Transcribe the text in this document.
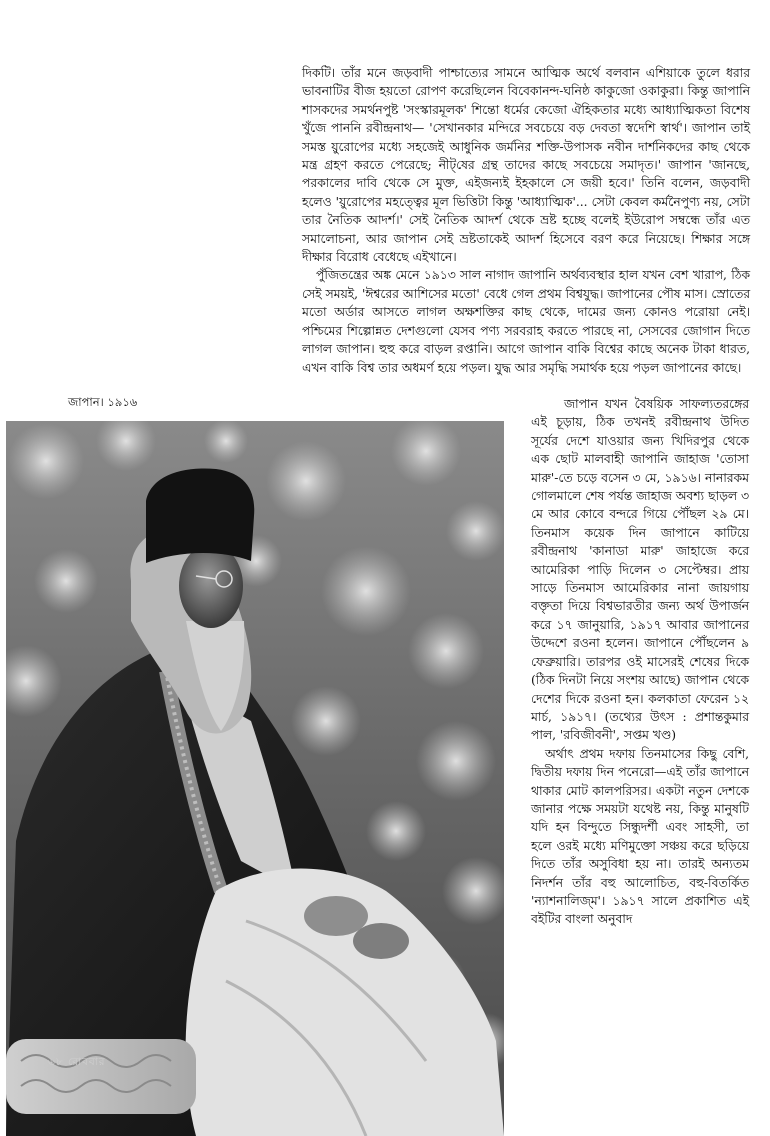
দিকটি। তাঁর মনে জড়বাদী পাশ্চাত্যের সামনে আত্মিক অর্থে বলবান এশিয়াকে তুলে ধরার ভাবনাটির বীজ হয়তো রোপণ করেছিলেন বিবেকানন্দ-ঘনিষ্ঠ কাকুজো ওকাকুরা। কিন্তু জাপানি শাসকদের সমর্থনপুষ্ট 'সংস্কারমূলক' শিন্তো ধর্মের কেজো ঐহিকতার মধ্যে আধ্যাত্মিকতা বিশেষ খুঁজে পাননি রবীন্দ্রনাথ— 'সেখানকার মন্দিরে সবচেয়ে বড় দেবতা স্বদেশি স্বার্থ'। জাপান তাই সমস্ত য়ুরোপের মধ্যে সহজেই আধুনিক জর্মনির শক্তি-উপাসক নবীন দার্শনিকদের কাছ থেকে মন্ত্র গ্রহণ করতে পেরেছে; নীট্‌ষের গ্রন্থ তাদের কাছে সবচেয়ে সমাদৃত।' জাপান 'জানছে, পরকালের দাবি থেকে সে মুক্ত, এইজন্যই ইহকালে সে জয়ী হবে।' তিনি বলেন, জড়বাদী হলেও 'য়ুরোপের মহত্ত্বের মূল ভিত্তিটা কিন্তু 'আধ্যাত্মিক'... সেটা কেবল কর্মনৈপুণ্য নয়, সেটা তার নৈতিক আদর্শ।' সেই নৈতিক আদর্শ থেকে ভ্রষ্ট হচ্ছে বলেই ইউরোপ সম্বন্ধে তাঁর এত সমালোচনা, আর জাপান সেই ভ্রষ্টতাকেই আদর্শ হিসেবে বরণ করে নিয়েছে। শিক্ষার সঙ্গে দীক্ষার বিরোধ বেধেছে এইখানে।

পুঁজিতন্ত্রের অঙ্ক মেনে ১৯১৩ সাল নাগাদ জাপানি অর্থব্যবস্থার হাল যখন বেশ খারাপ, ঠিক সেই সময়ই, 'ঈশ্বরের আশিসের মতো' বেধে গেল প্রথম বিশ্বযুদ্ধ। জাপানের পৌষ মাস। স্রোতের মতো অর্ডার আসতে লাগল অক্ষশক্তির কাছ থেকে, দামের জন্য কোনও পরোয়া নেই। পশ্চিমের শিল্পোন্নত দেশগুলো যেসব পণ্য সরবরাহ করতে পারছে না, সেসবের জোগান দিতে লাগল জাপান। হুহু করে বাড়ল রপ্তানি। আগে জাপান বাকি বিশ্বের কাছে অনেক টাকা ধারত, এখন বাকি বিশ্ব তার অধমর্ণ হয়ে পড়ল। যুদ্ধ আর সমৃদ্ধি সমার্থক হয়ে পড়ল জাপানের কাছে।

জাপান। ১৯১৬	জাপান যখন বৈষয়িক সাফল্যতরঙ্গের এই চূড়ায়, ঠিক তখনই রবীন্দ্রনাথ উদিত সূর্যের দেশে যাওয়ার জন্য খিদিরপুর থেকে এক ছোট মালবাহী জাপানি জাহাজ 'তোসা মারু'-তে চড়ে বসেন ৩ মে, ১৯১৬। নানারকম গোলমালে শেষ পর্যন্ত জাহাজ অবশ্য ছাড়ল ৩ মে আর কোবে বন্দরে গিয়ে পৌঁছল ২৯ মে। তিনমাস কয়েক দিন জাপানে কাটিয়ে রবীন্দ্রনাথ 'কানাডা মারু' জাহাজে করে আমেরিকা পাড়ি দিলেন ৩ সেপ্টেম্বর। প্রায় সাড়ে তিনমাস আমেরিকার নানা জায়গায় বক্তৃতা দিয়ে বিশ্বভারতীর জন্য অর্থ উপার্জন করে ১৭ জানুয়ারি, ১৯১৭ আবার জাপানের উদ্দেশে রওনা হলেন। জাপানে পৌঁছলেন ৯ ফেব্রুয়ারি। তারপর ওই মাসেরই শেষের দিকে (ঠিক দিনটা নিয়ে সংশয় আছে) জাপান থেকে দেশের দিকে রওনা হন। কলকাতা ফেরেন ১২ মার্চ, ১৯১৭। (তথ্যের উৎস : প্রশান্তকুমার পাল, 'রবিজীবনী', সপ্তম খণ্ড)

অর্থাৎ প্রথম দফায় তিনমাসের কিছু বেশি, দ্বিতীয় দফায় দিন পনেরো—এই তাঁর জাপানে থাকার মোট কালপরিসর। একটা নতুন দেশকে জানার পক্ষে সময়টা যথেষ্ট নয়, কিন্তু মানুষটি যদি হন বিন্দুতে সিন্ধুদর্শী এবং সাহসী, তা হলে ওরই মধ্যে মণিমুক্তো সঞ্চয় করে ছড়িয়ে দিতে তাঁর অসুবিধা হয় না। তারই অন্যতম নিদর্শন তাঁর বহু আলোচিত, বহু-বিতর্কিত 'ন্যাশনালিজ্‌ম'। ১৯১৭ সালে প্রকাশিত এই বইটির বাংলা অনুবাদ

৬৮ রোববার
